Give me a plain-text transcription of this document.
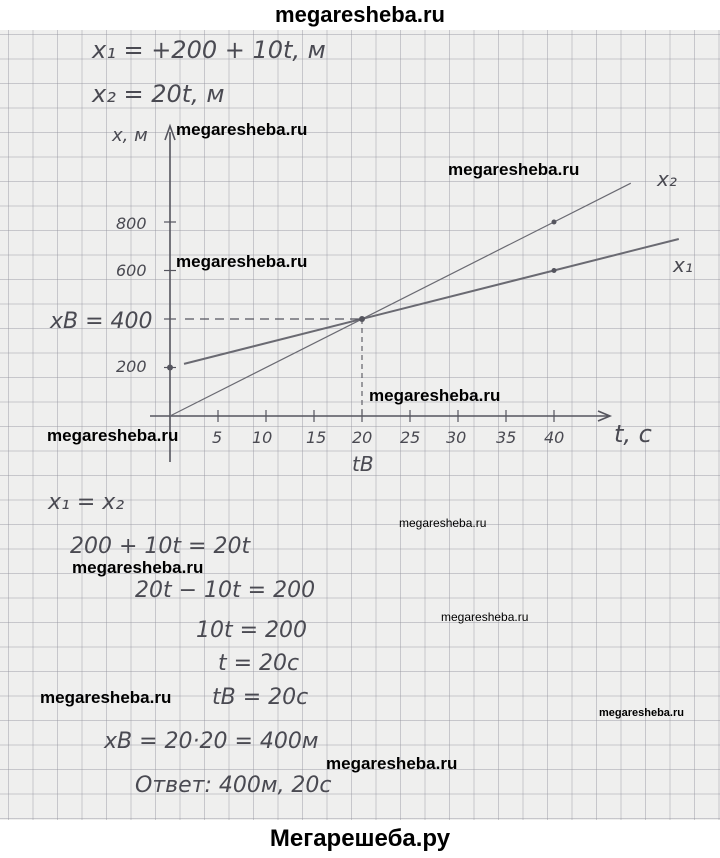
megaresheba.ru
x₁ = +200 + 10t, м
x₂ = 20t, м
x, м
t, c
200
600
800
xB = 400
5 10 15 20 25 30 35 40
tB
x₂
x₁
x₁ = x₂
200 + 10t = 20t
20t − 10t = 200
10t = 200
t = 20c
tB = 20c
xB = 20·20 = 400м
Ответ: 400м, 20с
megaresheba.ru
megaresheba.ru
megaresheba.ru
megaresheba.ru
megaresheba.ru
megaresheba.ru
megaresheba.ru
megaresheba.ru
megaresheba.ru
megaresheba.ru
megaresheba.ru
Мегарешеба.ру
